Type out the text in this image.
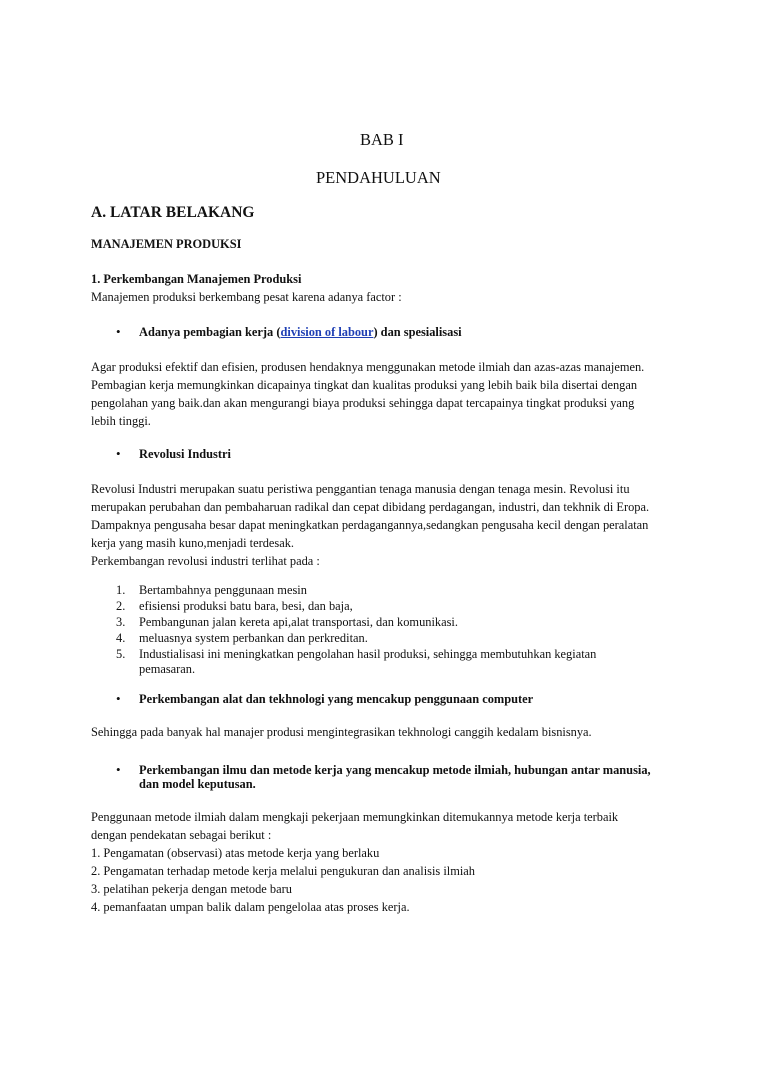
BAB I
PENDAHULUAN
A. LATAR BELAKANG
MANAJEMEN PRODUKSI
1. Perkembangan Manajemen Produksi
Manajemen produksi berkembang pesat karena adanya factor :
• Adanya pembagian kerja (division of labour) dan spesialisasi
Agar produksi efektif dan efisien, produsen hendaknya menggunakan metode ilmiah dan azas-azas manajemen.
Pembagian kerja memungkinkan dicapainya tingkat dan kualitas produksi yang lebih baik bila disertai dengan
pengolahan yang baik.dan akan mengurangi biaya produksi sehingga dapat tercapainya tingkat produksi yang
lebih tinggi.
• Revolusi Industri
Revolusi Industri merupakan suatu peristiwa penggantian tenaga manusia dengan tenaga mesin. Revolusi itu
merupakan perubahan dan pembaharuan radikal dan cepat dibidang perdagangan, industri, dan tekhnik di Eropa.
Dampaknya pengusaha besar dapat meningkatkan perdagangannya,sedangkan pengusaha kecil dengan peralatan
kerja yang masih kuno,menjadi terdesak.
Perkembangan revolusi industri terlihat pada :
1. Bertambahnya penggunaan mesin
2. efisiensi produksi batu bara, besi, dan baja,
3. Pembangunan jalan kereta api,alat transportasi, dan komunikasi.
4. meluasnya system perbankan dan perkreditan.
5. Industialisasi ini meningkatkan pengolahan hasil produksi, sehingga membutuhkan kegiatan
pemasaran.
• Perkembangan alat dan tekhnologi yang mencakup penggunaan computer
Sehingga pada banyak hal manajer produsi mengintegrasikan tekhnologi canggih kedalam bisnisnya.
• Perkembangan ilmu dan metode kerja yang mencakup metode ilmiah, hubungan antar manusia,
dan model keputusan.
Penggunaan metode ilmiah dalam mengkaji pekerjaan memungkinkan ditemukannya metode kerja terbaik
dengan pendekatan sebagai berikut :
1. Pengamatan (observasi) atas metode kerja yang berlaku
2. Pengamatan terhadap metode kerja melalui pengukuran dan analisis ilmiah
3. pelatihan pekerja dengan metode baru
4. pemanfaatan umpan balik dalam pengelolaa atas proses kerja.
